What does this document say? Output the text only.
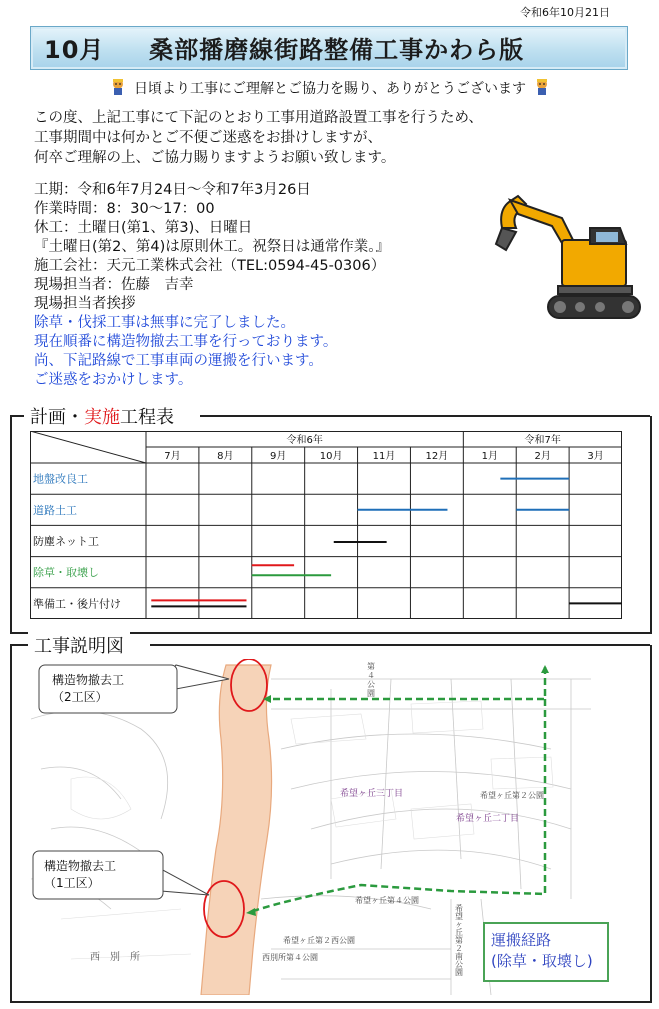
令和6年10月21日
10月 桑部播磨線街路整備工事かわら版
日頃より工事にご理解とご協力を賜り、ありがとうございます
この度、上記工事にて下記のとおり工事用道路設置工事を行うため、
工事期間中は何かとご不便ご迷惑をお掛けしますが、
何卒ご理解の上、ご協力賜りますようお願い致します。
工期：令和6年7月24日～令和7年3月26日
作業時間：8：30～17：00
休工：土曜日(第1、第3)、日曜日
『土曜日(第2、第4)は原則休工。祝祭日は通常作業。』
施工会社：天元工業株式会社（TEL:0594-45-0306）
現場担当者：佐藤　吉幸
現場担当者挨拶
除草・伐採工事は無事に完了しました。
現在順番に構造物撤去工事を行っております。
尚、下記路線で工事車両の運搬を行います。
ご迷惑をおかけします。
計画・実施工程表
令和6年	令和7年
7月	8月	9月	10月	11月	12月	1月	2月	3月
地盤改良工
道路土工
防塵ネット工
除草・取壊し
準備工・後片付け
工事説明図
構造物撤去工
（2工区）
構造物撤去工
（1工区）
希望ヶ丘三丁目
希望ヶ丘二丁目
希望ヶ丘第２公園
希望ヶ丘第４公園
希望ヶ丘第２西公園
西別所第４公園
第４公園
希望ヶ丘第２南公園
西　別　所
運搬経路
(除草・取壊し)
